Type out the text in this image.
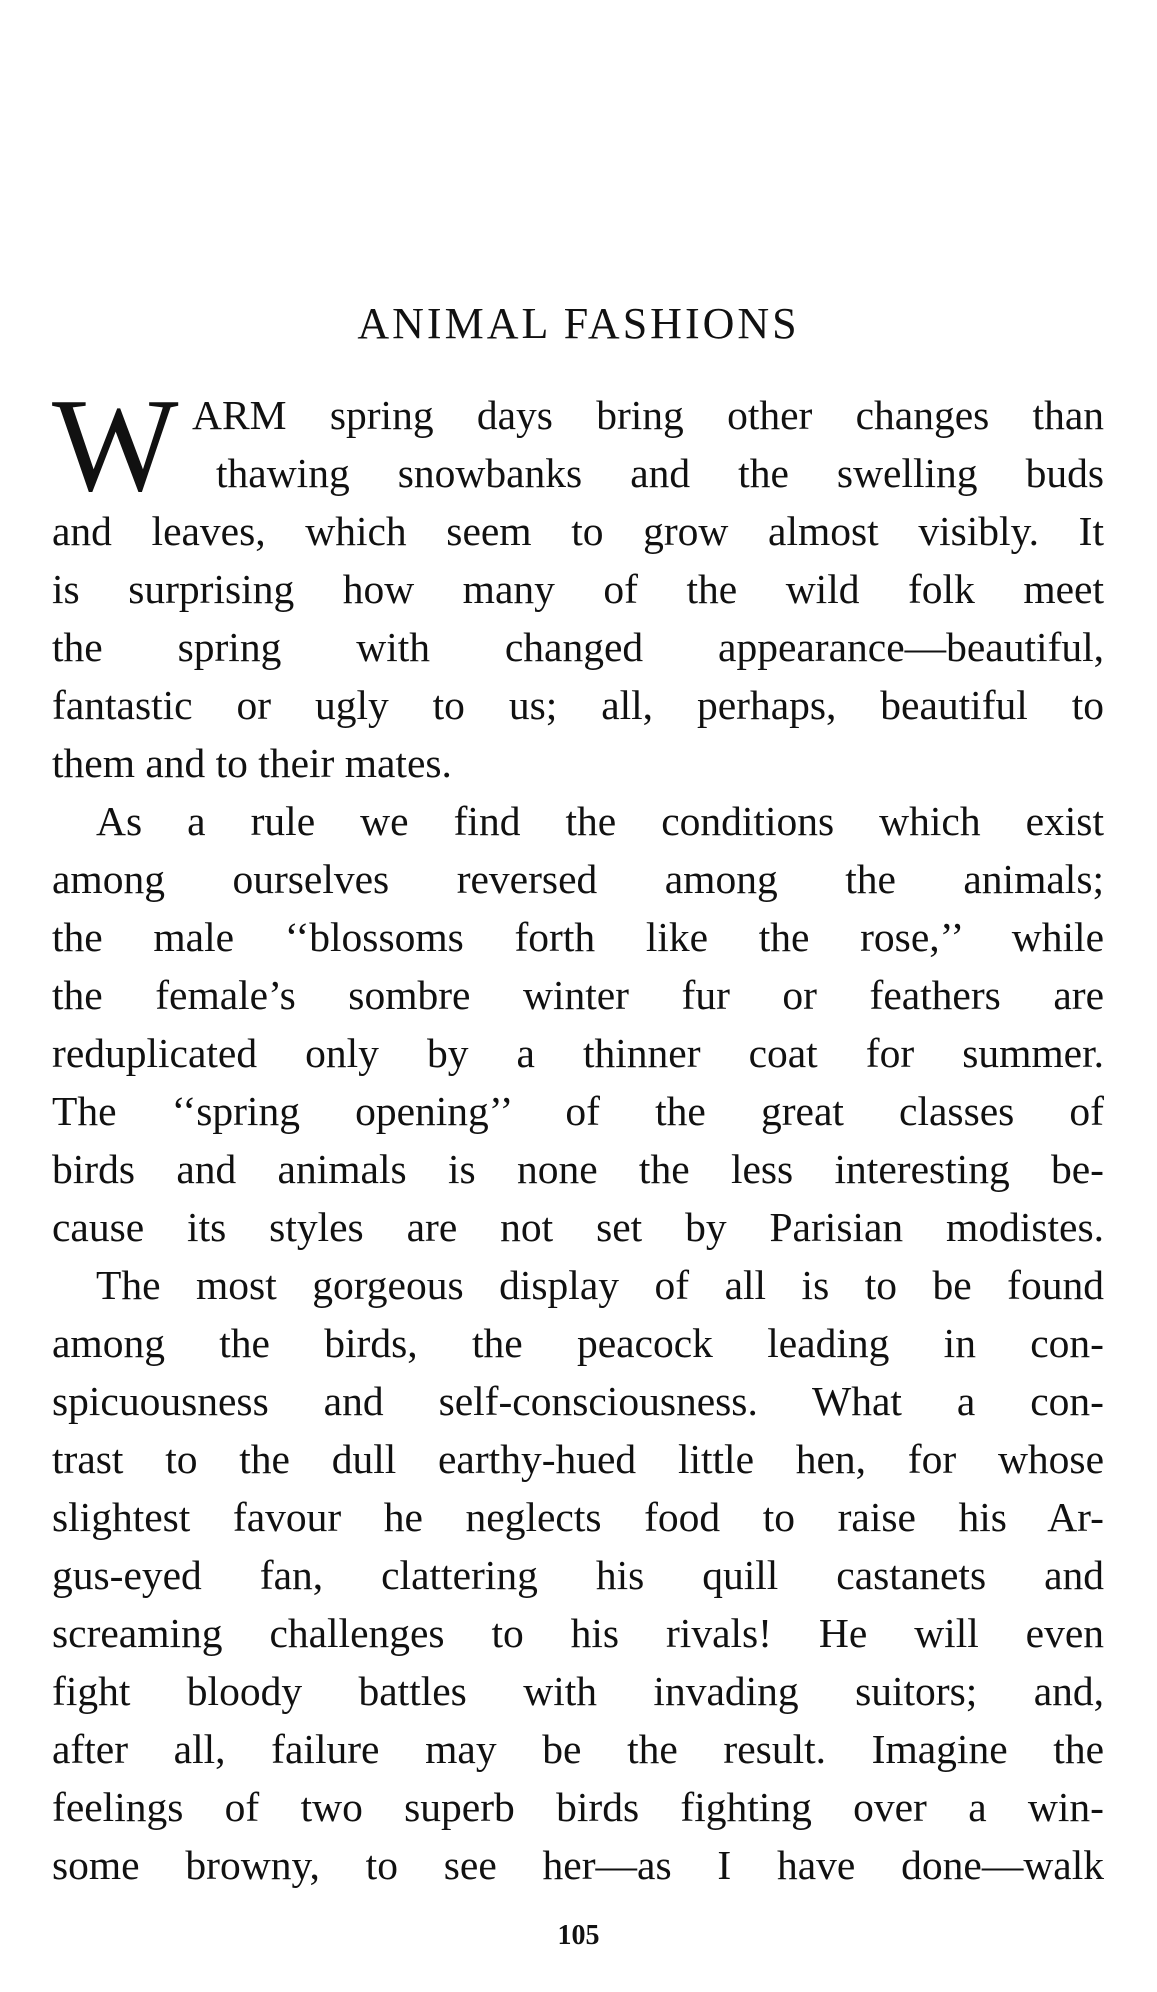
ANIMAL FASHIONS
W ARM spring days bring other changes than
thawing snowbanks and the swelling buds
and leaves, which seem to grow almost visibly. It
is surprising how many of the wild folk meet
the spring with changed appearance—beautiful,
fantastic or ugly to us; all, perhaps, beautiful to
them and to their mates.
As a rule we find the conditions which exist
among ourselves reversed among the animals;
the male ‘‘blossoms forth like the rose,’’ while
the female’s sombre winter fur or feathers are
reduplicated only by a thinner coat for summer.
The ‘‘spring opening’’ of the great classes of
birds and animals is none the less interesting be-
cause its styles are not set by Parisian modistes.
The most gorgeous display of all is to be found
among the birds, the peacock leading in con-
spicuousness and self-consciousness. What a con-
trast to the dull earthy-hued little hen, for whose
slightest favour he neglects food to raise his Ar-
gus-eyed fan, clattering his quill castanets and
screaming challenges to his rivals! He will even
fight bloody battles with invading suitors; and,
after all, failure may be the result. Imagine the
feelings of two superb birds fighting over a win-
some browny, to see her—as I have done—walk
105
